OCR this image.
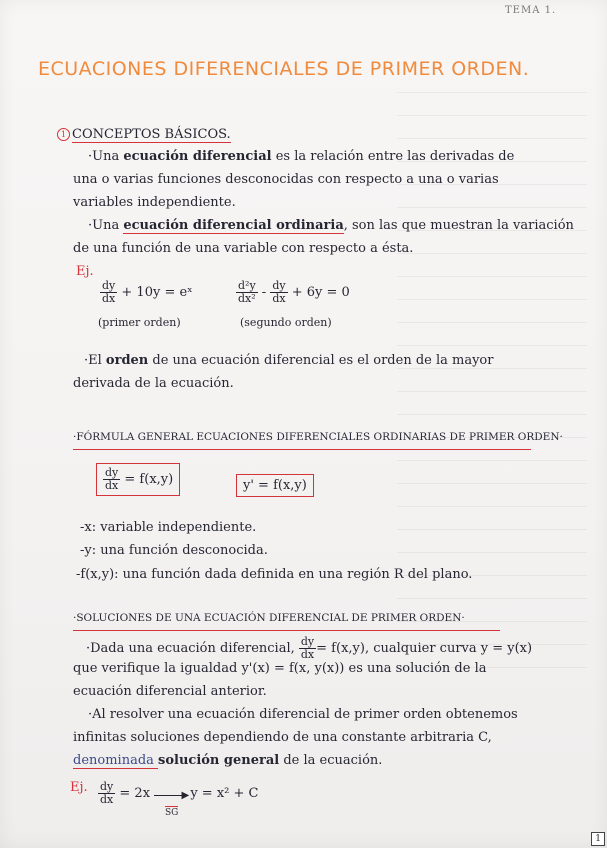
TEMA 1.
ECUACIONES DIFERENCIALES DE PRIMER ORDEN.
1 CONCEPTOS BÁSICOS.
·Una ecuación diferencial es la relación entre las derivadas de
una o varias funciones desconocidas con respecto a una o varias
variables independiente.
·Una ecuación diferencial ordinaria, son las que muestran la variación
de una función de una variable con respecto a ésta.
Ej.
$\frac{dy}{dx} + 10y$ = eˣ
(primer orden)
$\frac{\text{d²y}}{\text{dx²}} - \frac{dy}{dx} + 6y = 0$
(segundo orden)
·El orden de una ecuación diferencial es el orden de la mayor
derivada de la ecuación.
·FÓRMULA GENERAL ECUACIONES DIFERENCIALES ORDINARIAS DE PRIMER ORDEN·
$\frac{dy}{dx} = f(x,y)$	y' = f(x,y)
-x: variable independiente.
-y: una función desconocida.
-f(x,y): una función dada definida en una región R del plano.
·SOLUCIONES DE UNA ECUACIÓN DIFERENCIAL DE PRIMER ORDEN·
·Dada una ecuación diferencial, $\frac{dy}{dx} = f(x,y)$, cualquier curva y = y(x)
que verifique la igualdad y'(x) = f(x, y(x)) es una solución de la
ecuación diferencial anterior.
·Al resolver una ecuación diferencial de primer orden obtenemos
infinitas soluciones dependiendo de una constante arbitraria C,
denominada solución general de la ecuación.
Ej. $\frac{dy}{dx} = 2x$	▶ y = x² + C
SG
1
